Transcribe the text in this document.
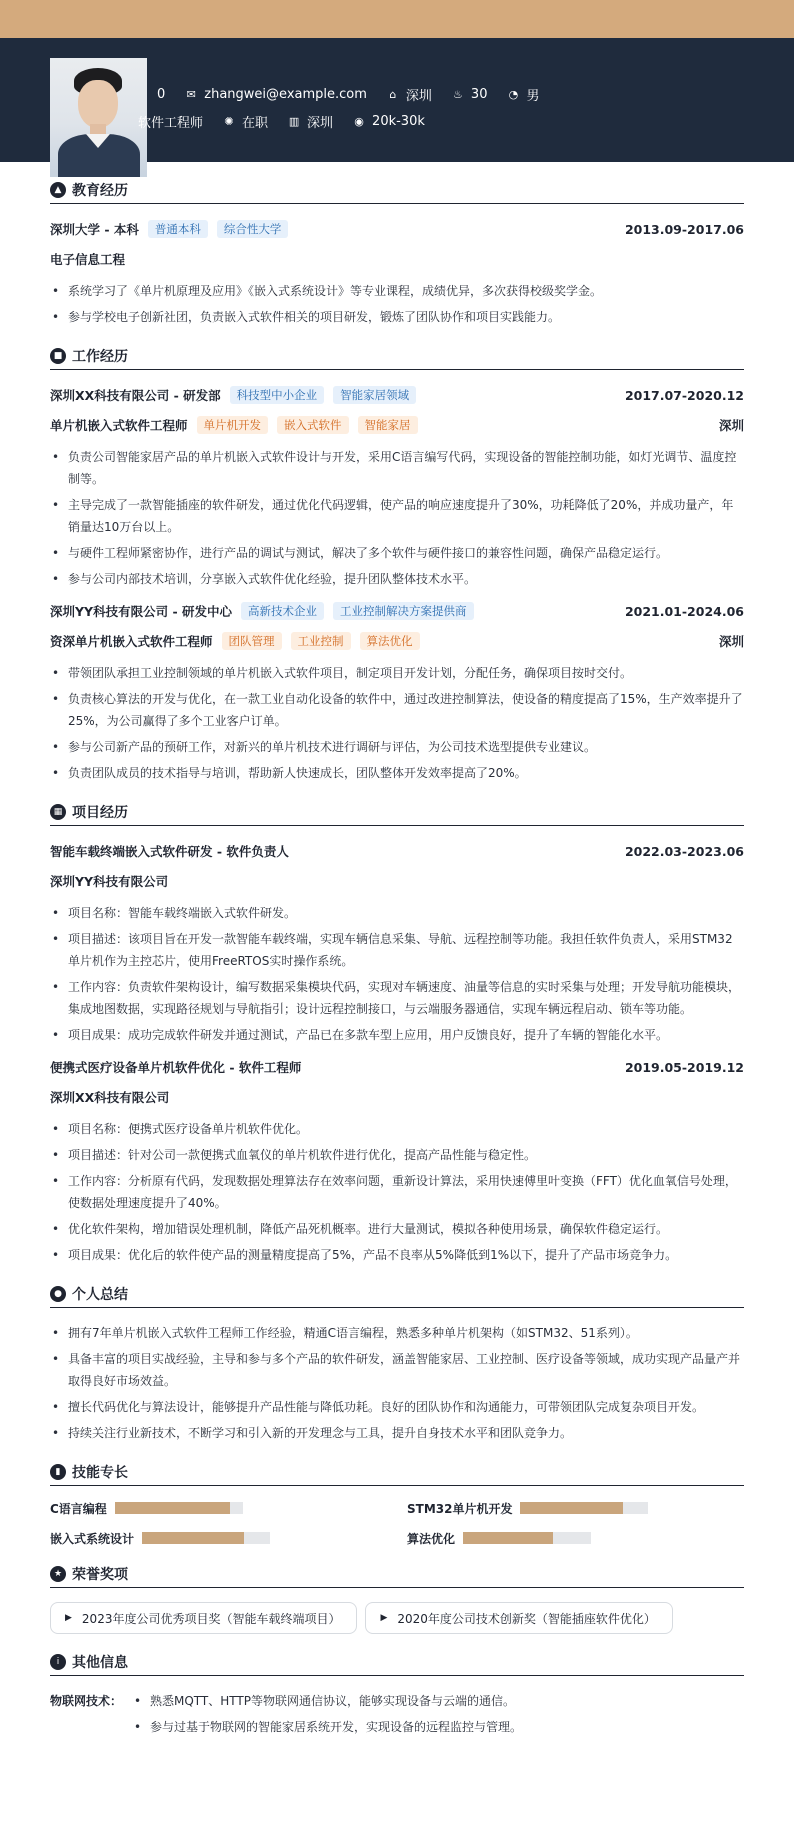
0 ✉ zhangwei@example.com ⌂ 深圳 ♨ 30 ◔ 男
软件工程师 ✺ 在职 ▥ 深圳 ◉ 20k-30k
▲ 教育经历
深圳大学 - 本科	普通本科	综合性大学	2013.09-2017.06
电子信息工程
• 系统学习了《单片机原理及应用》《嵌入式系统设计》等专业课程，成绩优异，多次获得校级奖学金。
• 参与学校电子创新社团，负责嵌入式软件相关的项目研发，锻炼了团队协作和项目实践能力。
■ 工作经历
深圳XX科技有限公司 - 研发部	科技型中小企业	智能家居领域	2017.07-2020.12
单片机嵌入式软件工程师	单片机开发	嵌入式软件	智能家居	深圳
• 负责公司智能家居产品的单片机嵌入式软件设计与开发，采用C语言编写代码，实现设备的智能控制功能，如灯光调节、温度控制等。
• 主导完成了一款智能插座的软件研发，通过优化代码逻辑，使产品的响应速度提升了30%，功耗降低了20%，并成功量产，年销量达10万台以上。
• 与硬件工程师紧密协作，进行产品的调试与测试，解决了多个软件与硬件接口的兼容性问题，确保产品稳定运行。
• 参与公司内部技术培训，分享嵌入式软件优化经验，提升团队整体技术水平。
深圳YY科技有限公司 - 研发中心	高新技术企业	工业控制解决方案提供商	2021.01-2024.06
资深单片机嵌入式软件工程师	团队管理	工业控制	算法优化	深圳
• 带领团队承担工业控制领域的单片机嵌入式软件项目，制定项目开发计划，分配任务，确保项目按时交付。
• 负责核心算法的开发与优化，在一款工业自动化设备的软件中，通过改进控制算法，使设备的精度提高了15%，生产效率提升了25%，为公司赢得了多个工业客户订单。
• 参与公司新产品的预研工作，对新兴的单片机技术进行调研与评估，为公司技术选型提供专业建议。
• 负责团队成员的技术指导与培训，帮助新人快速成长，团队整体开发效率提高了20%。
▦ 项目经历
智能车载终端嵌入式软件研发 - 软件负责人	2022.03-2023.06
深圳YY科技有限公司
• 项目名称：智能车载终端嵌入式软件研发。
• 项目描述：该项目旨在开发一款智能车载终端，实现车辆信息采集、导航、远程控制等功能。我担任软件负责人，采用STM32单片机作为主控芯片，使用FreeRTOS实时操作系统。
• 工作内容：负责软件架构设计，编写数据采集模块代码，实现对车辆速度、油量等信息的实时采集与处理；开发导航功能模块，集成地图数据，实现路径规划与导航指引；设计远程控制接口，与云端服务器通信，实现车辆远程启动、锁车等功能。
• 项目成果：成功完成软件研发并通过测试，产品已在多款车型上应用，用户反馈良好，提升了车辆的智能化水平。
便携式医疗设备单片机软件优化 - 软件工程师	2019.05-2019.12
深圳XX科技有限公司
• 项目名称：便携式医疗设备单片机软件优化。
• 项目描述：针对公司一款便携式血氧仪的单片机软件进行优化，提高产品性能与稳定性。
• 工作内容：分析原有代码，发现数据处理算法存在效率问题，重新设计算法，采用快速傅里叶变换（FFT）优化血氧信号处理，使数据处理速度提升了40%。
• 优化软件架构，增加错误处理机制，降低产品死机概率。进行大量测试，模拟各种使用场景，确保软件稳定运行。
• 项目成果：优化后的软件使产品的测量精度提高了5%，产品不良率从5%降低到1%以下，提升了产品市场竞争力。
● 个人总结
• 拥有7年单片机嵌入式软件工程师工作经验，精通C语言编程，熟悉多种单片机架构（如STM32、51系列）。
• 具备丰富的项目实战经验，主导和参与多个产品的软件研发，涵盖智能家居、工业控制、医疗设备等领域，成功实现产品量产并取得良好市场效益。
• 擅长代码优化与算法设计，能够提升产品性能与降低功耗。良好的团队协作和沟通能力，可带领团队完成复杂项目开发。
• 持续关注行业新技术，不断学习和引入新的开发理念与工具，提升自身技术水平和团队竞争力。
▮ 技能专长
C语言编程	STM32单片机开发
嵌入式系统设计	算法优化
★ 荣誉奖项
▶ 2023年度公司优秀项目奖（智能车载终端项目）	▶ 2020年度公司技术创新奖（智能插座软件优化）
i 其他信息
物联网技术：
•	熟悉MQTT、HTTP等物联网通信协议，能够实现设备与云端的通信。
• 参与过基于物联网的智能家居系统开发，实现设备的远程监控与管理。
